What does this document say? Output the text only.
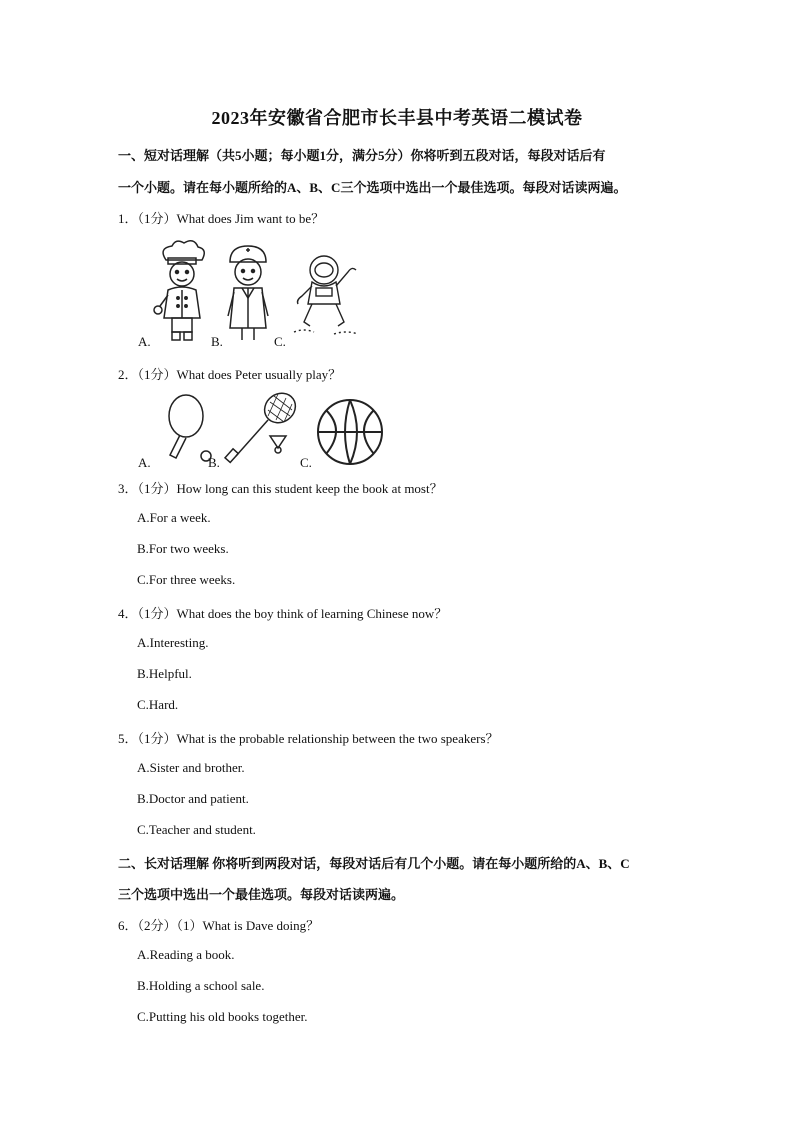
2023年安徽省合肥市长丰县中考英语二模试卷
一、短对话理解（共5小题；每小题1分，满分5分）你将听到五段对话，每段对话后有
一个小题。请在每小题所给的A、B、C三个选项中选出一个最佳选项。每段对话读两遍。
1．（1分）What does Jim want to be？
A.	B.	C.
2．（1分）What does Peter usually play？
A.	B.	C.
3．（1分）How long can this student keep the book at most？
A.For a week.
B.For two weeks.
C.For three weeks.
4．（1分）What does the boy think of learning Chinese now？
A.Interesting.
B.Helpful.
C.Hard.
5．（1分）What is the probable relationship between the two speakers？
A.Sister and brother.
B.Doctor and patient.
C.Teacher and student.
二、长对话理解 你将听到两段对话，每段对话后有几个小题。请在每小题所给的A、B、C
三个选项中选出一个最佳选项。每段对话读两遍。
6．（2分）（1）What is Dave doing？
A.Reading a book.
B.Holding a school sale.
C.Putting his old books together.
